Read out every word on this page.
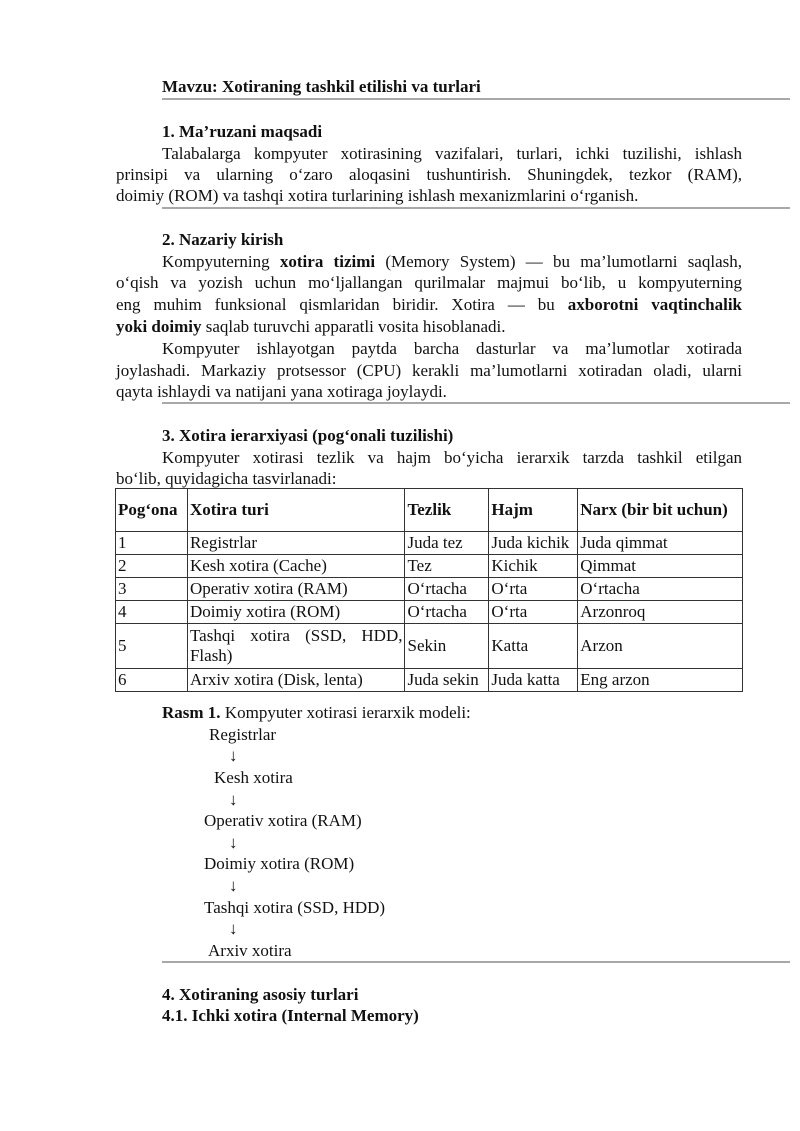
Mavzu: Xotiraning tashkil etilishi va turlari
1. Ma’ruzani maqsadi
Talabalarga kompyuter xotirasining vazifalari, turlari, ichki tuzilishi, ishlash
prinsipi va ularning o‘zaro aloqasini tushuntirish. Shuningdek, tezkor (RAM),
doimiy (ROM) va tashqi xotira turlarining ishlash mexanizmlarini o‘rganish.
2. Nazariy kirish
Kompyuterning xotira tizimi (Memory System) — bu ma’lumotlarni saqlash,
o‘qish va yozish uchun mo‘ljallangan qurilmalar majmui bo‘lib, u kompyuterning
eng muhim funksional qismlaridan biridir. Xotira — bu axborotni vaqtinchalik
yoki doimiy saqlab turuvchi apparatli vosita hisoblanadi.
Kompyuter ishlayotgan paytda barcha dasturlar va ma’lumotlar xotirada
joylashadi. Markaziy protsessor (CPU) kerakli ma’lumotlarni xotiradan oladi, ularni
qayta ishlaydi va natijani yana xotiraga joylaydi.
3. Xotira ierarxiyasi (pog‘onali tuzilishi)
Kompyuter xotirasi tezlik va hajm bo‘yicha ierarxik tarzda tashkil etilgan
bo‘lib, quyidagicha tasvirlanadi:
Pog‘ona	Xotira turi	Tezlik	Hajm	Narx (bir bit uchun)
1	Registrlar	Juda tez	Juda kichik	Juda qimmat
2	Kesh xotira (Cache)	Tez	Kichik	Qimmat
3	Operativ xotira (RAM)	O‘rtacha	O‘rta	O‘rtacha
4	Doimiy xotira (ROM)	O‘rtacha	O‘rta	Arzonroq
5	Tashqi xotira (SSD, HDD, Flash)	Sekin	Katta	Arzon
6	Arxiv xotira (Disk, lenta)	Juda sekin	Juda katta	Eng arzon
Rasm 1. Kompyuter xotirasi ierarxik modeli:
Registrlar
↓
Kesh xotira
↓
Operativ xotira (RAM)
↓
Doimiy xotira (ROM)
↓
Tashqi xotira (SSD, HDD)
↓
Arxiv xotira
4. Xotiraning asosiy turlari
4.1. Ichki xotira (Internal Memory)
